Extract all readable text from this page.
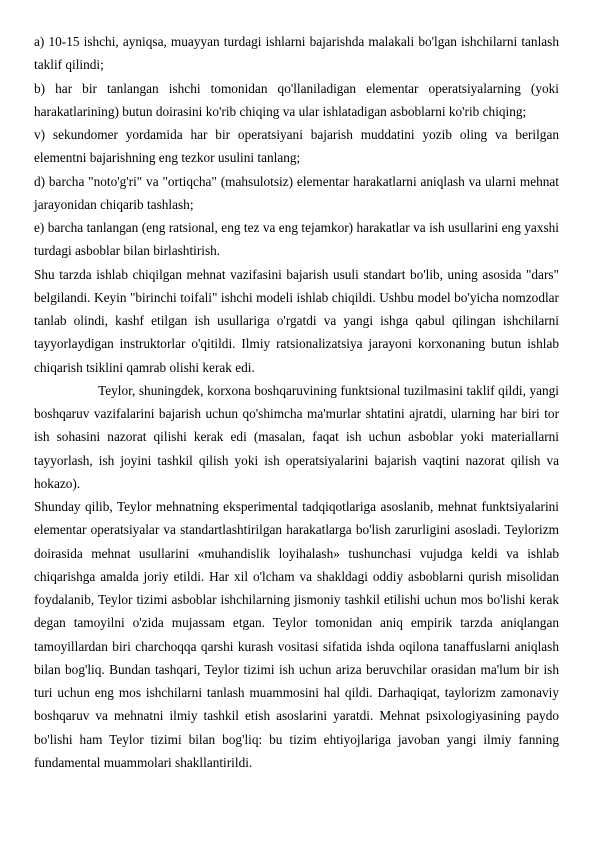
a) 10-15 ishchi, ayniqsa, muayyan turdagi ishlarni bajarishda malakali bo'lgan ishchilarni tanlash taklif qilindi;

b) har bir tanlangan ishchi tomonidan qo'llaniladigan elementar operatsiyalarning (yoki harakatlarining) butun doirasini ko'rib chiqing va ular ishlatadigan asboblarni ko'rib chiqing;

v) sekundomer yordamida har bir operatsiyani bajarish muddatini yozib oling va berilgan elementni bajarishning eng tezkor usulini tanlang;

d) barcha "noto'g'ri" va "ortiqcha" (mahsulotsiz) elementar harakatlarni aniqlash va ularni mehnat jarayonidan chiqarib tashlash;

e) barcha tanlangan (eng ratsional, eng tez va eng tejamkor) harakatlar va ish usullarini eng yaxshi turdagi asboblar bilan birlashtirish.

Shu tarzda ishlab chiqilgan mehnat vazifasini bajarish usuli standart bo'lib, uning asosida "dars" belgilandi. Keyin "birinchi toifali" ishchi modeli ishlab chiqildi. Ushbu model bo'yicha nomzodlar tanlab olindi, kashf etilgan ish usullariga o'rgatdi va yangi ishga qabul qilingan ishchilarni tayyorlaydigan instruktorlar o'qitildi. Ilmiy ratsionalizatsiya jarayoni korxonaning butun ishlab chiqarish tsiklini qamrab olishi kerak edi.

Teylor, shuningdek, korxona boshqaruvining funktsional tuzilmasini taklif qildi, yangi boshqaruv vazifalarini bajarish uchun qo'shimcha ma'murlar shtatini ajratdi, ularning har biri tor ish sohasini nazorat qilishi kerak edi (masalan, faqat ish uchun asboblar yoki materiallarni tayyorlash, ish joyini tashkil qilish yoki ish operatsiyalarini bajarish vaqtini nazorat qilish va hokazo).

Shunday qilib, Teylor mehnatning eksperimental tadqiqotlariga asoslanib, mehnat funktsiyalarini elementar operatsiyalar va standartlashtirilgan harakatlarga bo'lish zarurligini asosladi. Teylorizm doirasida mehnat usullarini «muhandislik loyihalash» tushunchasi vujudga keldi va ishlab chiqarishga amalda joriy etildi. Har xil o'lcham va shakldagi oddiy asboblarni qurish misolidan foydalanib, Teylor tizimi asboblar ishchilarning jismoniy tashkil etilishi uchun mos bo'lishi kerak degan tamoyilni o'zida mujassam etgan. Teylor tomonidan aniq empirik tarzda aniqlangan tamoyillardan biri charchoqqa qarshi kurash vositasi sifatida ishda oqilona tanaffuslarni aniqlash bilan bog'liq. Bundan tashqari, Teylor tizimi ish uchun ariza beruvchilar orasidan ma'lum bir ish turi uchun eng mos ishchilarni tanlash muammosini hal qildi. Darhaqiqat, taylorizm zamonaviy boshqaruv va mehnatni ilmiy tashkil etish asoslarini yaratdi. Mehnat psixologiyasining paydo bo'lishi ham Teylor tizimi bilan bog'liq: bu tizim ehtiyojlariga javoban yangi ilmiy fanning fundamental muammolari shakllantirildi.
